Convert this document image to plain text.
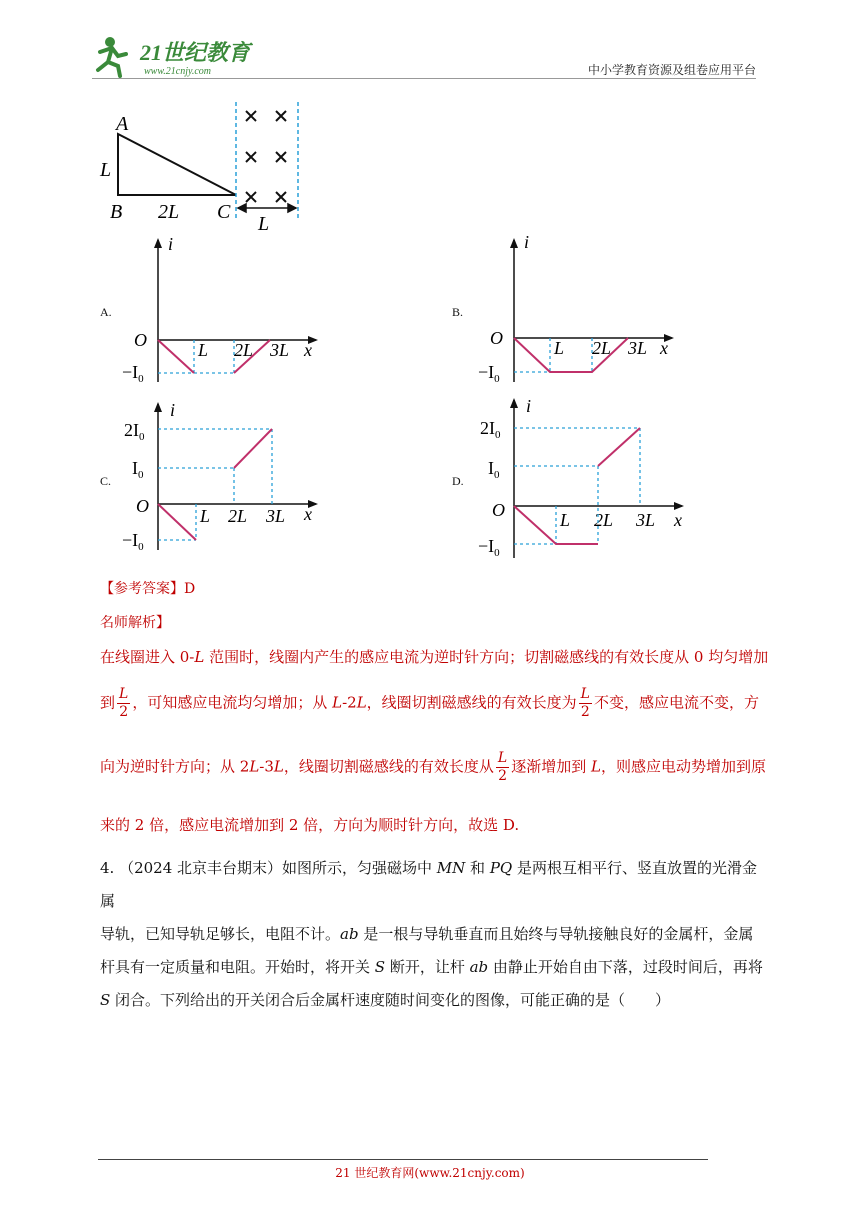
21世纪教育
www.21cnjy.com	中小学教育资源及组卷应用平台
A
L
B 2L C
L
A.
i
x
O	L 2L 3L
$-I_0$
B.
i
x
O	L 2L 3L
$-I_0$
C.
i
x
O
$2I_0$
$I_0$
L 2L 3L
$-I_0$
D.
i
x
O
$2I_0$
$I_0$
L 2L 3L
$-I_0$
【参考答案】D
名师解析】
在线圈进入 0-L 范围时，线圈内产生的感应电流为逆时针方向；切割磁感线的有效长度从 0 均匀增加
到 $\frac{L}{2}$ ，可知感应电流均匀增加；从 L-2L，线圈切割磁感线的有效长度为 $\frac{L}{2}$ 不变，感应电流不变，方
向为逆时针方向；从 2L-3L，线圈切割磁感线的有效长度从 $\frac{L}{2}$ 逐渐增加到 L，则感应电动势增加到原
来的 2 倍，感应电流增加到 2 倍，方向为顺时针方向，故选 D.
4. （2024 北京丰台期末）如图所示，匀强磁场中 MN 和 PQ 是两根互相平行、竖直放置的光滑金属
导轨，已知导轨足够长，电阻不计。ab 是一根与导轨垂直而且始终与导轨接触良好的金属杆，金属
杆具有一定质量和电阻。开始时，将开关 S 断开，让杆 ab 由静止开始自由下落，过段时间后，再将
S 闭合。下列给出的开关闭合后金属杆速度随时间变化的图像，可能正确的是（　　）
21 世纪教育网(www.21cnjy.com)
